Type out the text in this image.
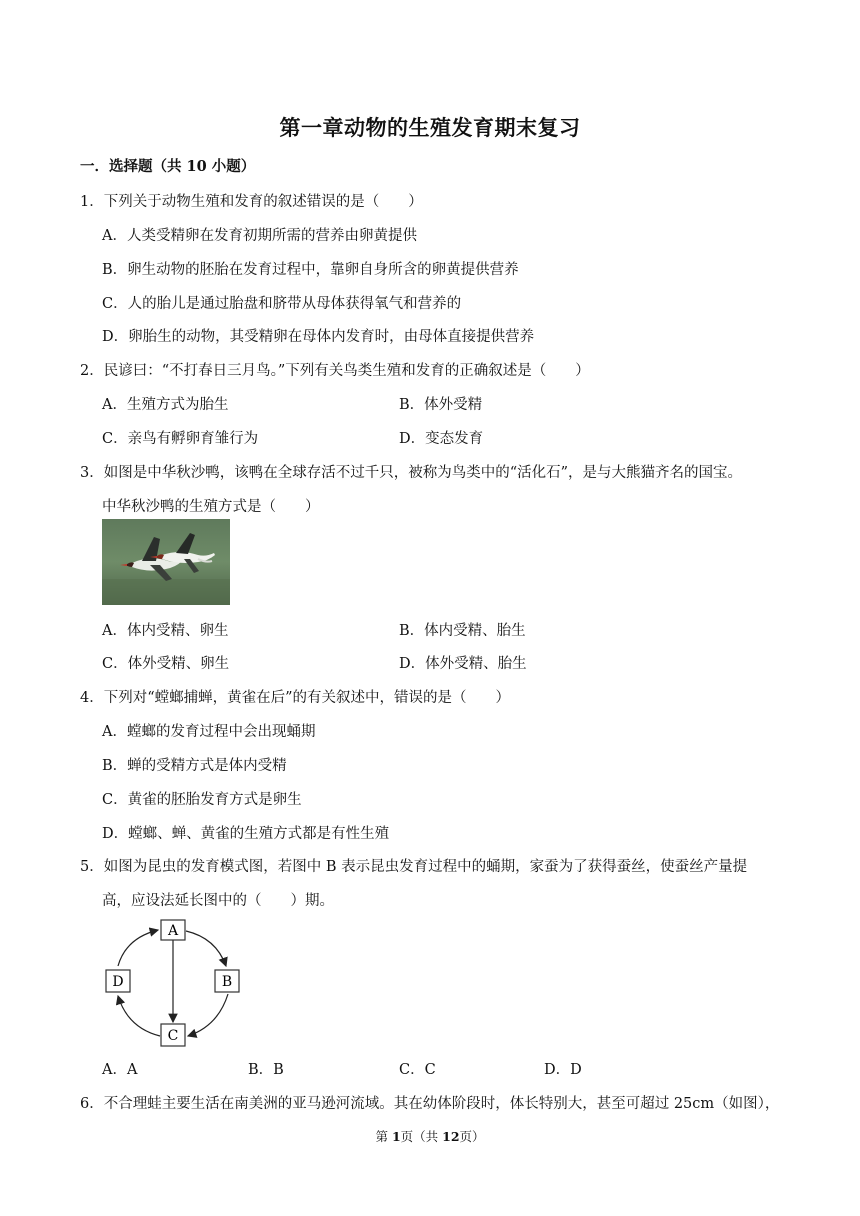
第一章动物的生殖发育期末复习
一．选择题（共 10 小题）
1．下列关于动物生殖和发育的叙述错误的是（　　）
A．人类受精卵在发育初期所需的营养由卵黄提供
B．卵生动物的胚胎在发育过程中，靠卵自身所含的卵黄提供营养
C．人的胎儿是通过胎盘和脐带从母体获得氧气和营养的
D．卵胎生的动物，其受精卵在母体内发育时，由母体直接提供营养
2．民谚曰：“不打春日三月鸟。”下列有关鸟类生殖和发育的正确叙述是（　　）
A．生殖方式为胎生	B．体外受精
C．亲鸟有孵卵育雏行为	D．变态发育
3．如图是中华秋沙鸭，该鸭在全球存活不过千只，被称为鸟类中的“活化石”，是与大熊猫齐名的国宝。
中华秋沙鸭的生殖方式是（　　）
A．体内受精、卵生	B．体内受精、胎生
C．体外受精、卵生	D．体外受精、胎生
4．下列对“螳螂捕蝉，黄雀在后”的有关叙述中，错误的是（　　）
A．螳螂的发育过程中会出现蛹期
B．蝉的受精方式是体内受精
C．黄雀的胚胎发育方式是卵生
D．螳螂、蝉、黄雀的生殖方式都是有性生殖
5．如图为昆虫的发育模式图，若图中 B 表示昆虫发育过程中的蛹期，家蚕为了获得蚕丝，使蚕丝产量提
高，应设法延长图中的（　　）期。
A
B
C
D
A．A	B．B	C．C	D．D
6．不合理蛙主要生活在南美洲的亚马逊河流域。其在幼体阶段时，体长特别大，甚至可超过 25cm（如图），
第 1页（共 12页）
